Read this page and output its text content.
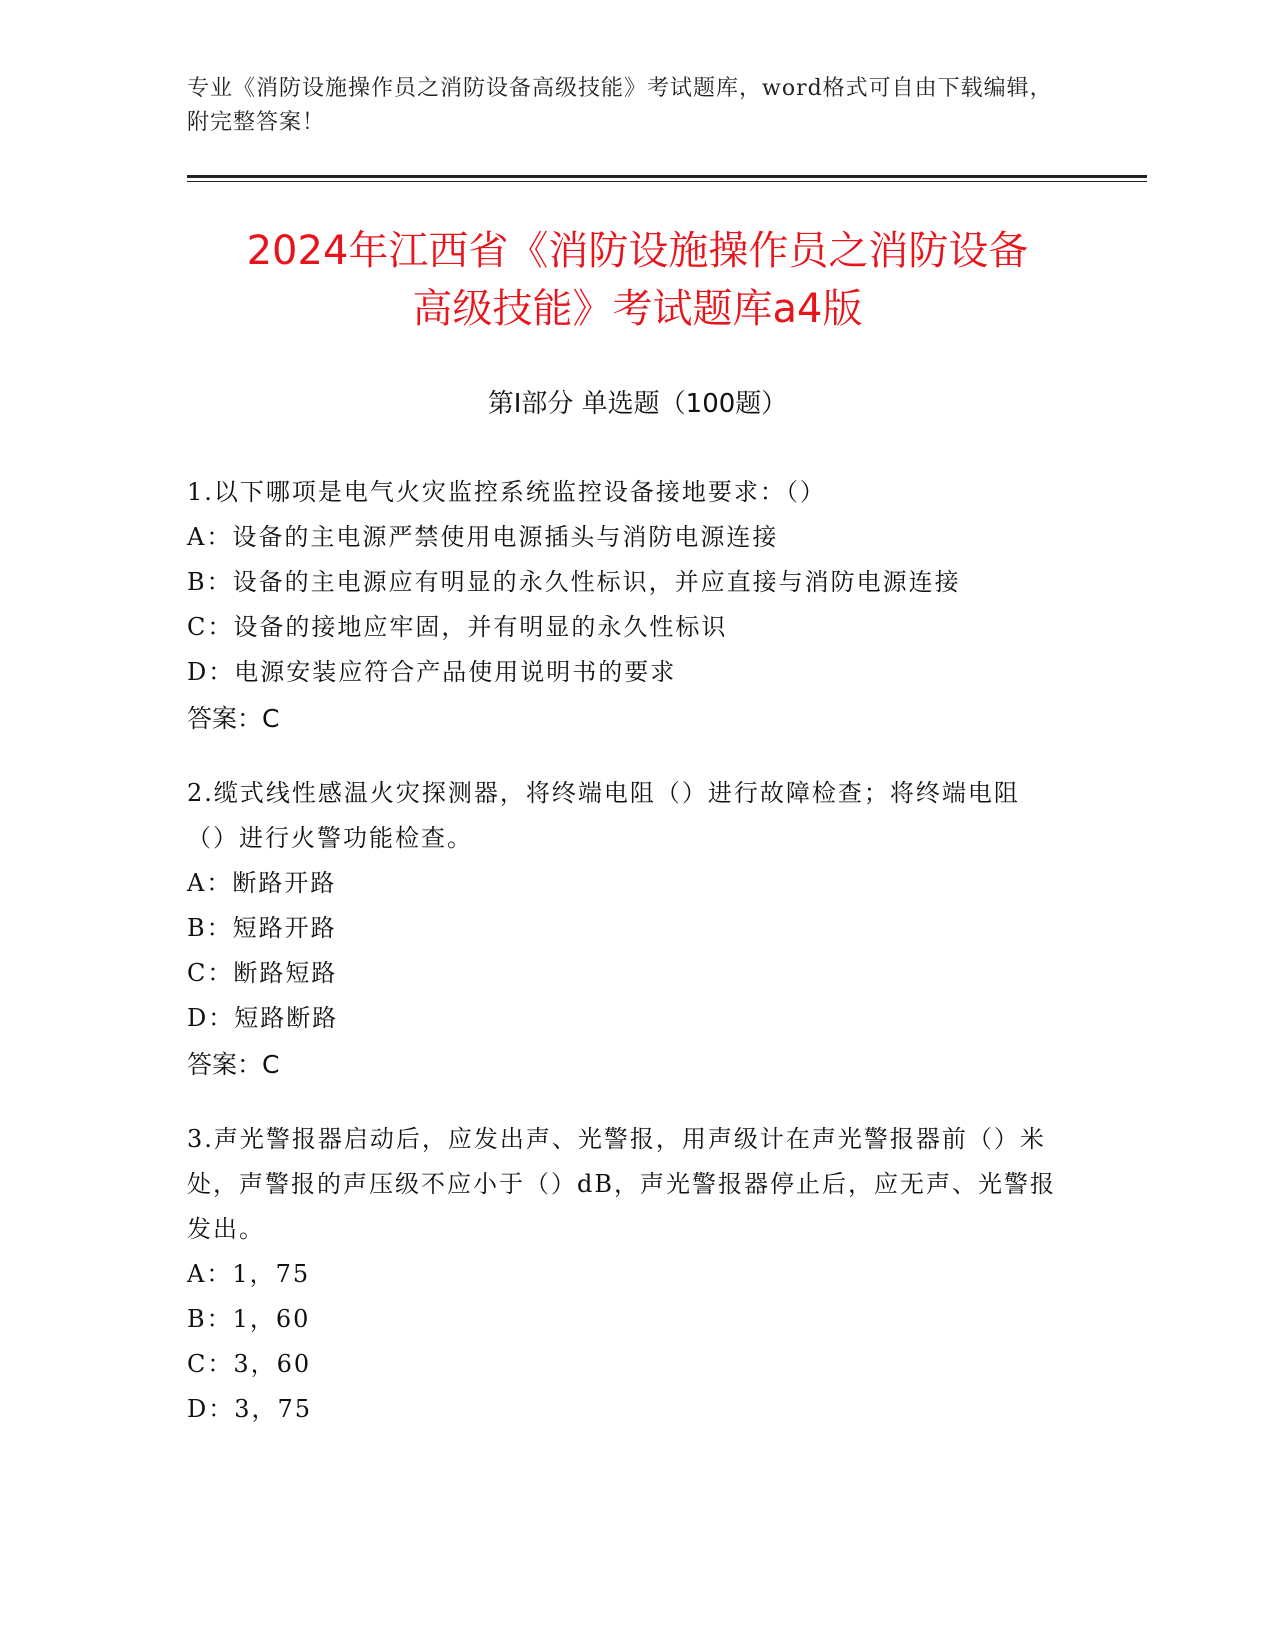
专业《消防设施操作员之消防设备高级技能》考试题库，word格式可自由下载编辑，附完整答案！
2024年江西省《消防设施操作员之消防设备
高级技能》考试题库a4版
第I部分 单选题（100题）

1.以下哪项是电气火灾监控系统监控设备接地要求：（）

A：设备的主电源严禁使用电源插头与消防电源连接

B：设备的主电源应有明显的永久性标识，并应直接与消防电源连接

C：设备的接地应牢固，并有明显的永久性标识

D：电源安装应符合产品使用说明书的要求

答案：C

2.缆式线性感温火灾探测器，将终端电阻（）进行故障检查；将终端电阻（）进行火警功能检查。

A：断路开路

B：短路开路

C：断路短路

D：短路断路

答案：C

3.声光警报器启动后，应发出声、光警报，用声级计在声光警报器前（）米处，声警报的声压级不应小于（）dB，声光警报器停止后，应无声、光警报发出。

A：1，75

B：1，60

C：3，60

D：3，75
